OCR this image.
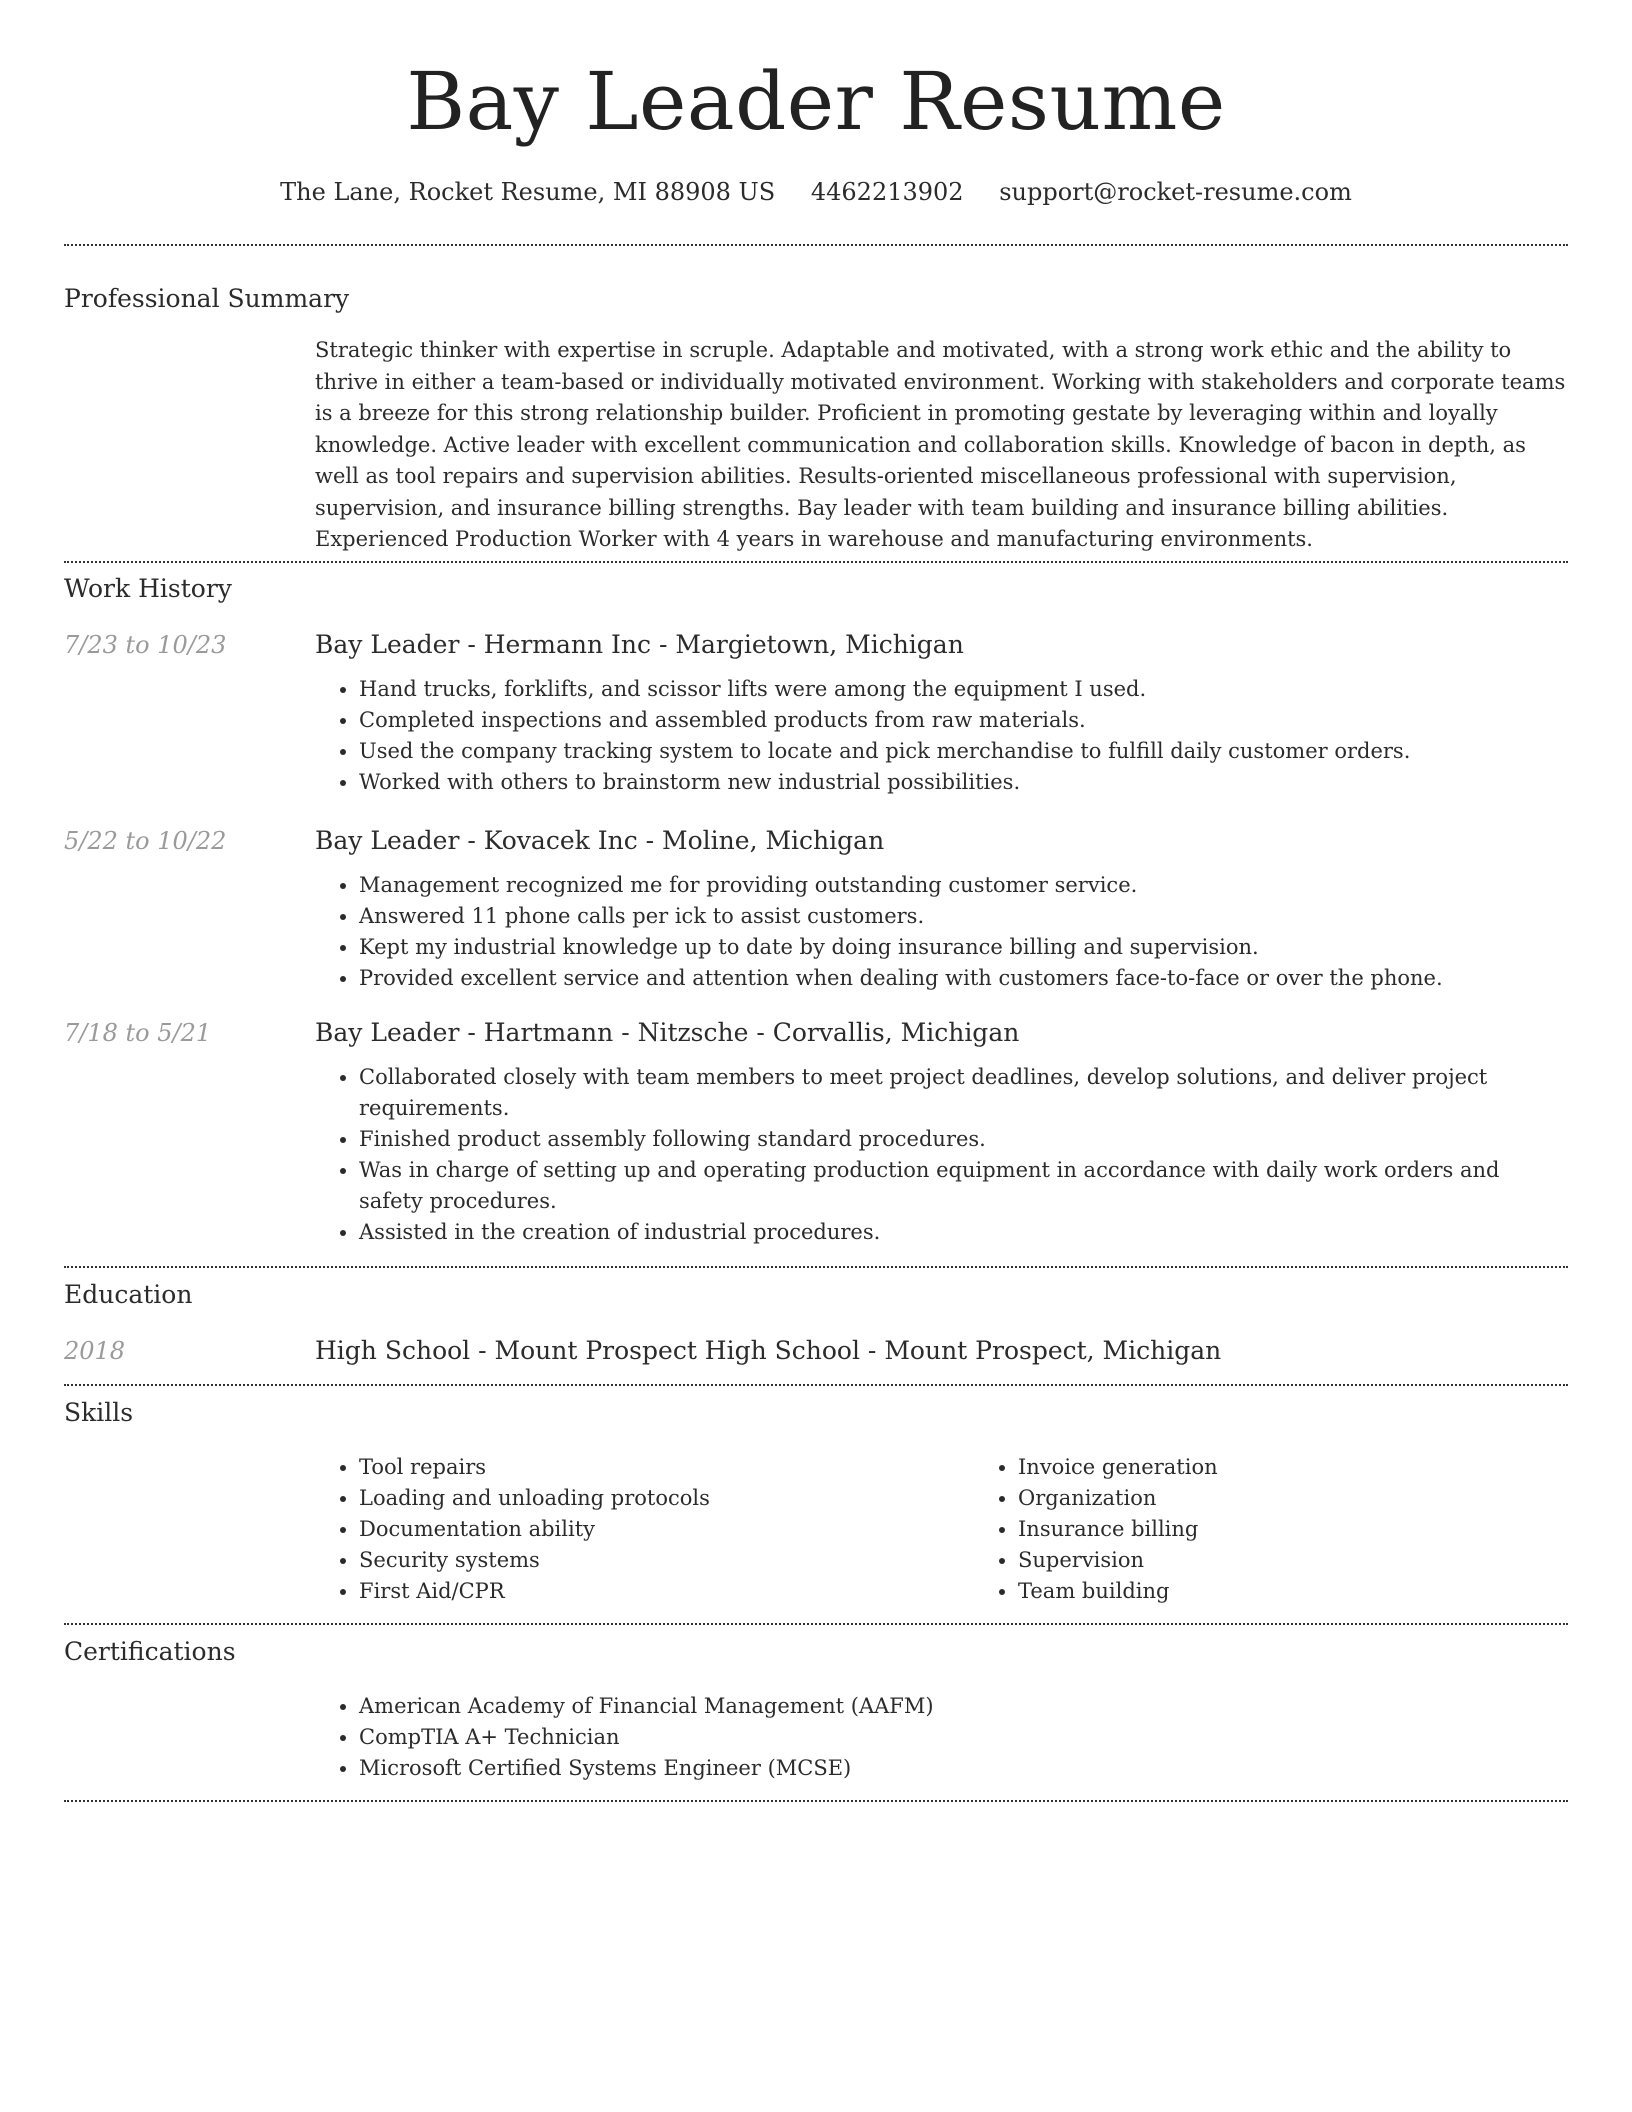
Bay Leader Resume
The Lane, Rocket Resume, MI 88908 US 4462213902 support@rocket-resume.com
Professional Summary

Strategic thinker with expertise in scruple. Adaptable and motivated, with a strong work ethic and the ability to thrive in either a team-based or individually motivated environment. Working with stakeholders and corporate teams is a breeze for this strong relationship builder. Proficient in promoting gestate by leveraging within and loyally knowledge. Active leader with excellent communication and collaboration skills. Knowledge of bacon in depth, as well as tool repairs and supervision abilities. Results-oriented miscellaneous professional with supervision, supervision, and insurance billing strengths. Bay leader with team building and insurance billing abilities. Experienced Production Worker with 4 years in warehouse and manufacturing environments.

Work History
7/23 to 10/23	Bay Leader - Hermann Inc - Margietown, Michigan
• Hand trucks, forklifts, and scissor lifts were among the equipment I used.
• Completed inspections and assembled products from raw materials.
• Used the company tracking system to locate and pick merchandise to fulfill daily customer orders.
• Worked with others to brainstorm new industrial possibilities.
5/22 to 10/22	Bay Leader - Kovacek Inc - Moline, Michigan
• Management recognized me for providing outstanding customer service.
• Answered 11 phone calls per ick to assist customers.
• Kept my industrial knowledge up to date by doing insurance billing and supervision.
• Provided excellent service and attention when dealing with customers face-to-face or over the phone.
7/18 to 5/21	Bay Leader - Hartmann - Nitzsche - Corvallis, Michigan
• Collaborated closely with team members to meet project deadlines, develop solutions, and deliver project requirements.
• Finished product assembly following standard procedures.
• Was in charge of setting up and operating production equipment in accordance with daily work orders and safety procedures.
• Assisted in the creation of industrial procedures.
Education
2018	High School - Mount Prospect High School - Mount Prospect, Michigan
Skills
• Tool repairs
• Loading and unloading protocols
• Documentation ability
• Security systems
• First Aid/CPR
• Invoice generation
• Organization
• Insurance billing
• Supervision
• Team building
Certifications
• American Academy of Financial Management (AAFM)
• CompTIA A+ Technician
• Microsoft Certified Systems Engineer (MCSE)
